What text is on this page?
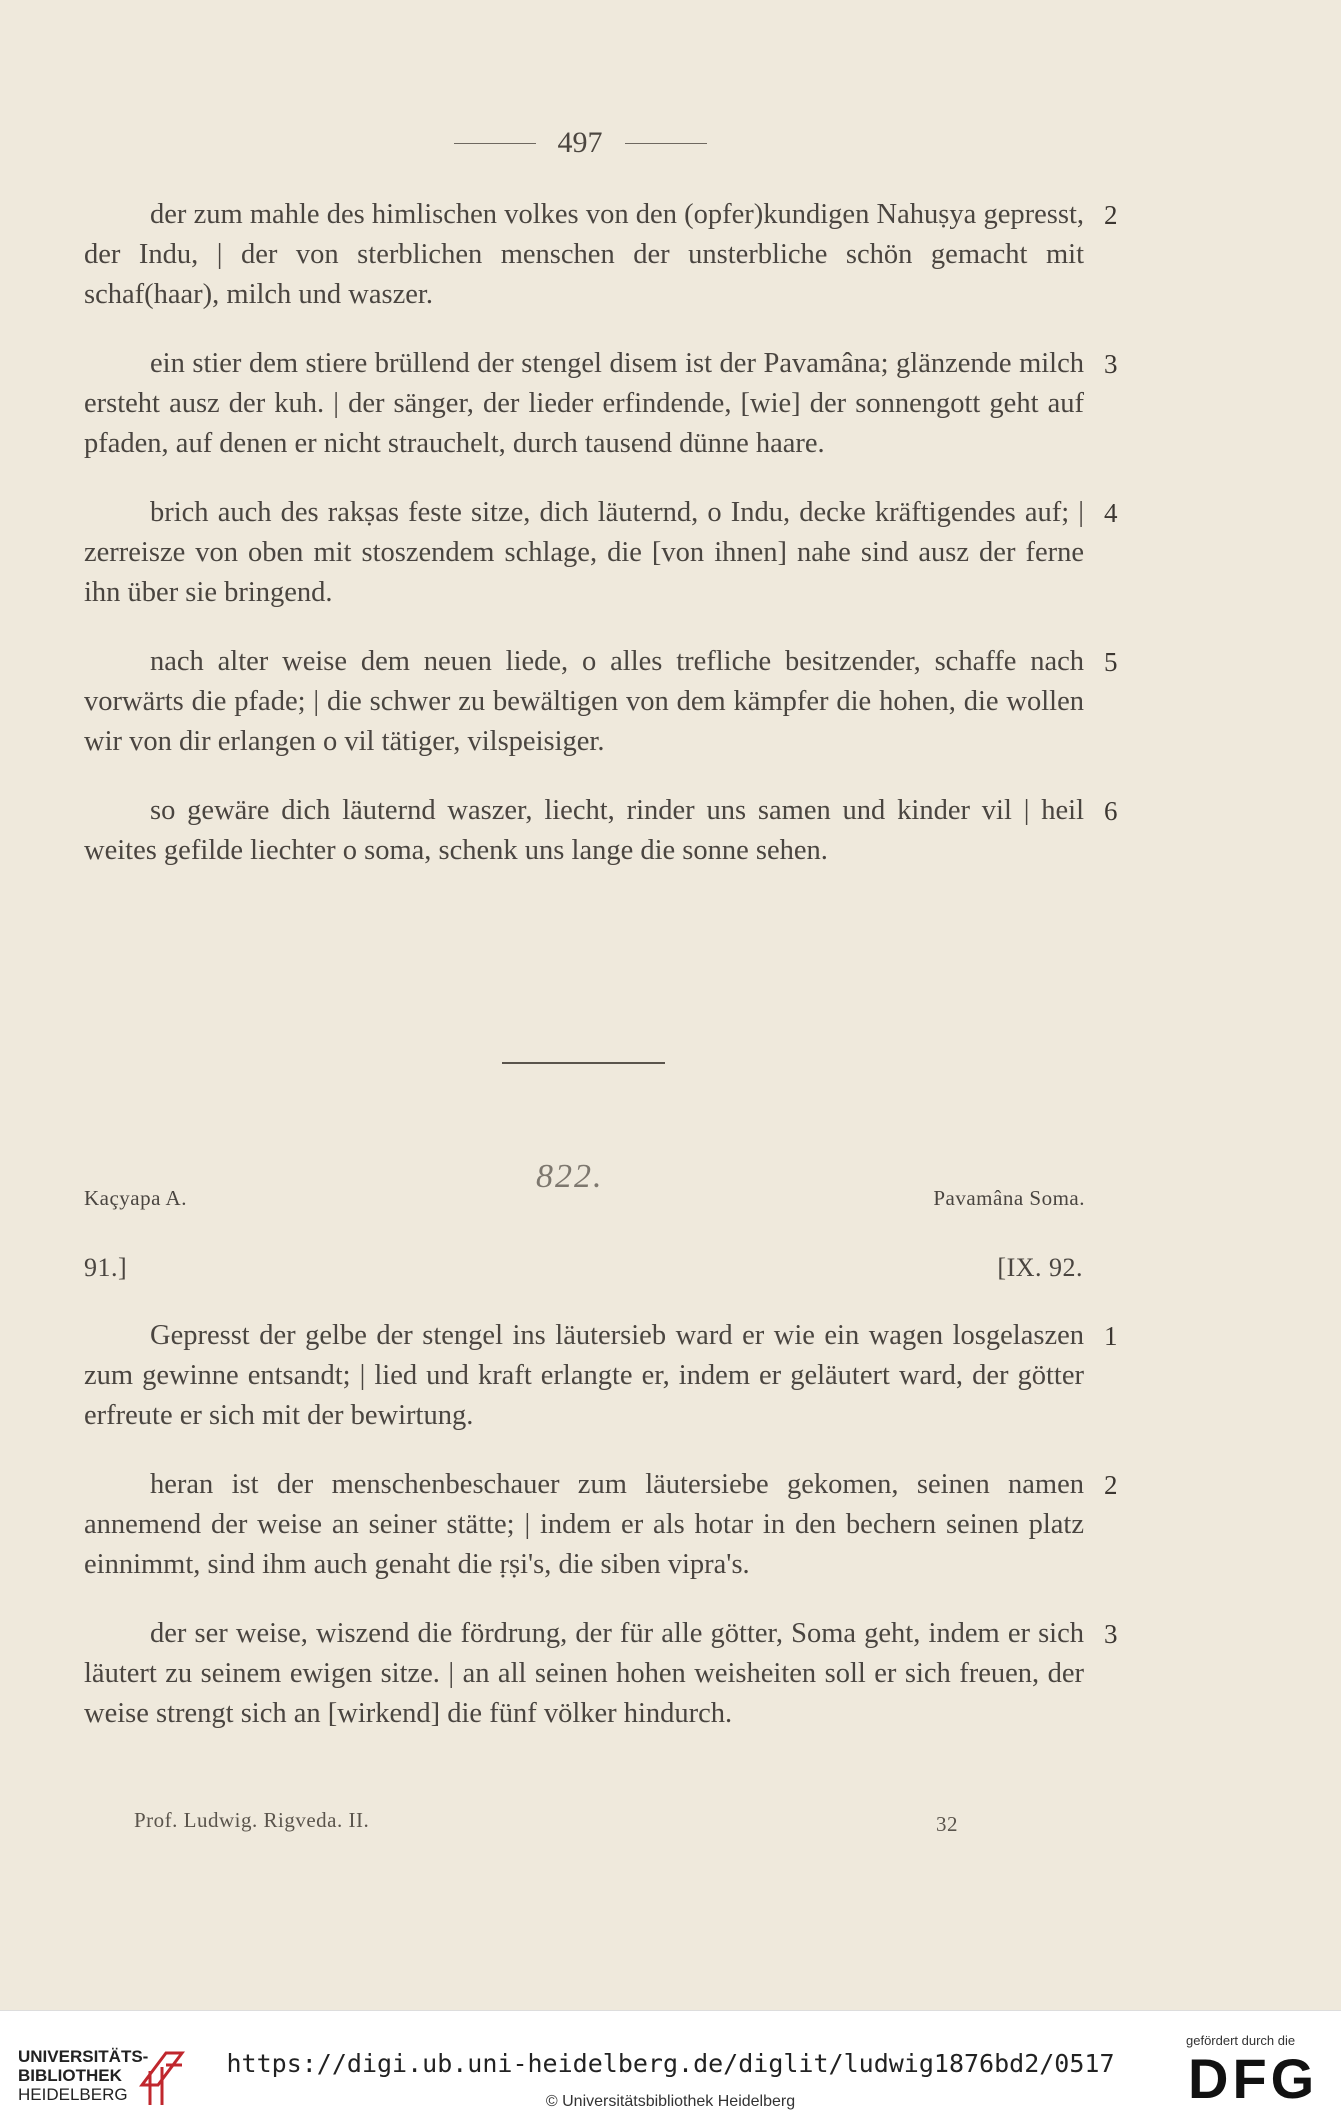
497
2
der zum mahle des himlischen volkes von den (opfer)kundigen Nahuṣya gepresst, der Indu, | der von sterblichen menschen der unsterbliche schön gemacht mit schaf(haar), milch und waszer.
3
ein stier dem stiere brüllend der stengel disem ist der Pavamâna; glänzende milch ersteht ausz der kuh. | der sänger, der lieder erfindende, [wie] der sonnengott geht auf pfaden, auf denen er nicht strauchelt, durch tausend dünne haare.
4
brich auch des rakṣas feste sitze, dich läuternd, o Indu, decke kräftigendes auf; | zerreisze von oben mit stoszendem schlage, die [von ihnen] nahe sind ausz der ferne ihn über sie bringend.
5
nach alter weise dem neuen liede, o alles trefliche besitzender, schaffe nach vorwärts die pfade; | die schwer zu bewältigen von dem kämpfer die hohen, die wollen wir von dir erlangen o vil tätiger, vilspeisiger.
6
so gewäre dich läuternd waszer, liecht, rinder uns samen und kinder vil | heil weites gefilde liechter o soma, schenk uns lange die sonne sehen.
Kaçyapa A.
822.
Pavamâna Soma.
91.]	[IX. 92.
1
Gepresst der gelbe der stengel ins läutersieb ward er wie ein wagen losgelaszen zum gewinne entsandt; | lied und kraft erlangte er, indem er geläutert ward, der götter erfreute er sich mit der bewirtung.
2
heran ist der menschenbeschauer zum läutersiebe gekomen, seinen namen annemend der weise an seiner stätte; | indem er als hotar in den bechern seinen platz einnimmt, sind ihm auch genaht die ṛṣi's, die siben vipra's.
3
der ser weise, wiszend die fördrung, der für alle götter, Soma geht, indem er sich läutert zu seinem ewigen sitze. | an all seinen hohen weisheiten soll er sich freuen, der weise strengt sich an [wirkend] die fünf völker hindurch.
Prof. Ludwig. Rigveda. II.	32
UNIVERSITÄTS-
BIBLIOTHEK
HEIDELBERG
https://digi.ub.uni-heidelberg.de/diglit/ludwig1876bd2/0517
© Universitätsbibliothek Heidelberg
gefördert durch die
DFG
